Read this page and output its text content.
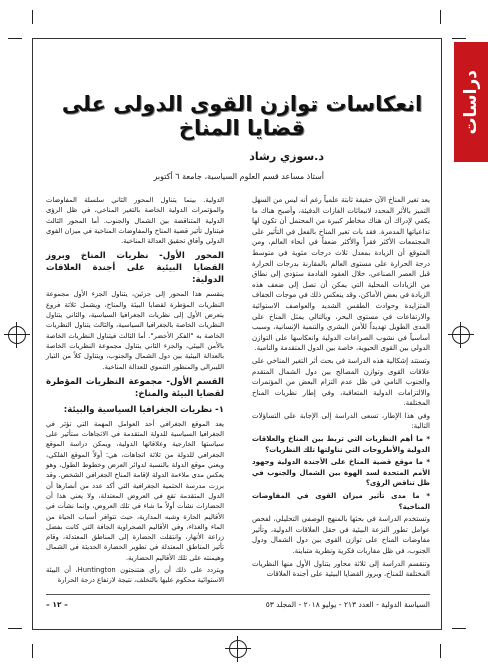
دراسات
انعكاسات توازن القوى الدولى على قضايا المناخ
د.سوزي رشاد
أستاذ مساعد قسم العلوم السياسية، جامعة ٦ أكتوبر

يعد تغير المناخ الآن حقيقة ثابتة علمياً رغم أنه ليس من السهل التميز بالأثر المحدد لانبعاثات الغازات الدفيئة، وأصبح هناك ما يكفي لإدراك أن هناك مخاطر كبيرة من المحتمل أن تكون لها تداعياتها المدمرة. فقد بات تغير المناخ بالفعل في التأثير على المجتمعات الأكثر فقراً والأكثر ضعفاً في أنحاء العالم، ومن المتوقع أن الزيادة بمعدل ثلاث درجات مئوية في متوسط درجة الحرارة على مستوى العالم بالمقارنة بدرجات الحرارة قبل العصر الصناعي، خلال العقود القادمة ستؤدي إلى نطاق من الزيادات المحلية التي يمكن أن تصل إلى ضعف هذه الزيادة في بعض الأماكن، وقد ينعكس ذلك في موجات الجفاف المتزايدة وحوادث الطقس الشديد والعواصف الاستوائية والارتفاعات في مستوى البحر، ويالتالي يمثل المناخ على المدى الطويل تهديداً للأمن البشري والتنمية الإنسانية، وسبب أساسياً في نشوب الصراعات الدولية وانعكاسها على التوازن الدولي بين القوى الحيوية، خاصة بين الدول المتقدمة والنامية.

وتستند إشكالية هذه الدراسة في بحث أثر التغير المناخي على علاقات القوى وتوازن المصالح بين دول الشمال المتقدم والجنوب النامي في ظل عدم التزام البعض من المؤتمرات والالتزامات الدولية المتعاقبة، وفي إطار نظريات المناخ المختلفة.

وفي هذا الإطار، تسعى الدراسة إلى الإجابة على التساؤلات التالية:

* ما أهم النظريات التي تربط بين المناخ والعلاقات الدولية والأطروحات التي تناولتها تلك النظريات؟

* ما موقع قضية المناخ على الأجندة الدولية وجهود الأمم المتحدة لسد الهوة بين الشمال والجنوب في ظل تناقض الرؤى؟

* ما مدى تأثير ميزان القوى في المفاوضات المناخية؟

وتستخدم الدراسة في بحثها بالمنهج الوصفي التحليلي، لفحص عوامل تطور النزعة البيئية في حقل العلاقات الدولية، وتأثير مفاوضات المناخ على توازن القوى بين دول الشمال ودول الجنوب، في ظل مقاربات فكرية ونظرية متباينة.

وتنقسم الدراسة إلى ثلاثة محاور يتناول الأول منها النظريات المختلفة للمناخ، وبروز القضايا البيئية على أجندة العلاقات

الدولية. بينما يتناول المحور الثاني سلسلة المفاوضات والمؤتمرات الدولية الخاصة بالتغير المناخي، في ظل الرؤى الدولية المتناقضة بين الشمال والجنوب. أما المحور الثالث فيتناول تأثير قضية المناخ والمفاوضات المناخية في ميزان القوى الدولي وآفاق تحقيق العدالة المناخية.

المحور الأول- نظريات المناخ وبروز القضايا البيئية على أجندة العلاقات الدولية:

ينقسم هذا المحور إلى جزئين، يتناول الجزء الأول مجموعة النظريات المؤطرة لقضايا البيئة والمناخ، ويشمل ثلاثة فروع يتعرض الأول إلى نظريات الجغرافيا السياسية، والثاني يتناول النظريات الخاصة بالجغرافيا السياسية، والثالث يتناول النظريات الخاصة به "الفكر الأخضر". أما الثالث فيتناول النظريات الخاصة بالأمن البيئي، والجزء الثاني يتناول مجموعة النظريات الخاصة بالعدالة البيئية بين دول الشمال والجنوب، ويتناول كلاً من التيار الليبرالي والمنظور التنموي للعدالة المناخية.

القسم الأول- مجموعة النظريات المؤطرة لقضايا البيئة والمناخ:

١- نظريات الجغرافيا السياسية والبيئة:

يعد الموقع الجغرافي أحد العوامل المهمة التي تؤثر في الجغرافيا السياسية للدولة المتقدمة في الاتجاهات ستأثير على سياستها الخارجية وعلاقاتها الدولية، ويمكن دراسة الموقع الجغرافي للدولة من ثلاثة اتجاهات، هي: أولاً الموقع الفلكي، ويعني موقع الدولة بالنسبة لدوائر العرض وخطوط الطول، وهو يعكس مدى ملاءمة الدولة لإقامة المناخ الجغرافي الشخص. وقد برزت مدرسة الحتمية الجغرافية التي أكد عدد من أنصارها أن الدول المتقدمة تقع في العروض المعتدلة، ولا يعني هذا أن الحضارات نشأت أولاً ما شاء في تلك العروض، وإنما نشأت في الأقاليم الحارة وشبه المدارية، حيث تتوافر أسباب الحياة من الماء والغذاء، وفي الأقاليم الصحراوية الجافة التي كانت بفضل زراعة الأنهار، وانتقلت الحضارة إلى المناطق المعتدلة، وقام تأثير المناطق المعتدلة في تطوير الحضارة الحديثة في الشمال وهيمنته على تلك الأقاليم الحضارية.

ويتردد على ذلك أن رأي هنتنجتون Huntington، أن البيئة الاستوائية محكوم عليها بالتخلف، نتيجة لارتفاع درجة الحرارة

السياسة الدولية - العدد ٢١٣ - يوليو ٢٠١٨ - المجلد ٥٣
– ١٢ –
